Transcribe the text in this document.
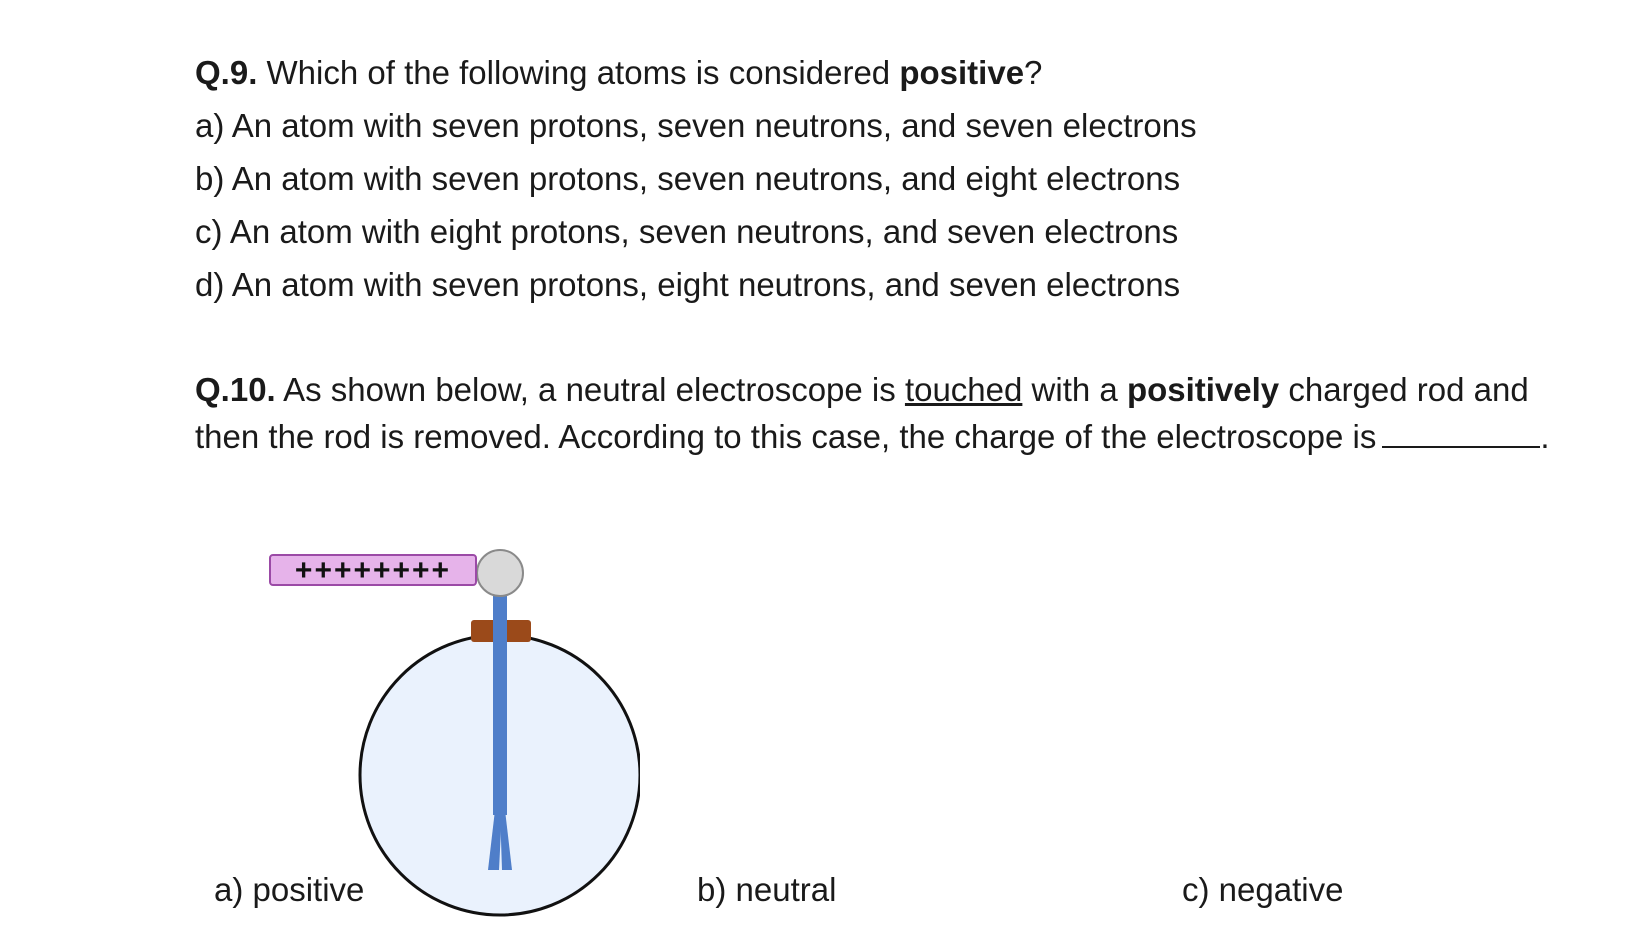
Q.9. Which of the following atoms is considered positive?
a) An atom with seven protons, seven neutrons, and seven electrons
b) An atom with seven protons, seven neutrons, and eight electrons
c) An atom with eight protons, seven neutrons, and seven electrons
d) An atom with seven protons, eight neutrons, and seven electrons
Q.10. As shown below, a neutral electroscope is touched with a positively charged rod and
then the rod is removed. According to this case, the charge of the electroscope is	.
++++++++
a) positive	b) neutral	c) negative
